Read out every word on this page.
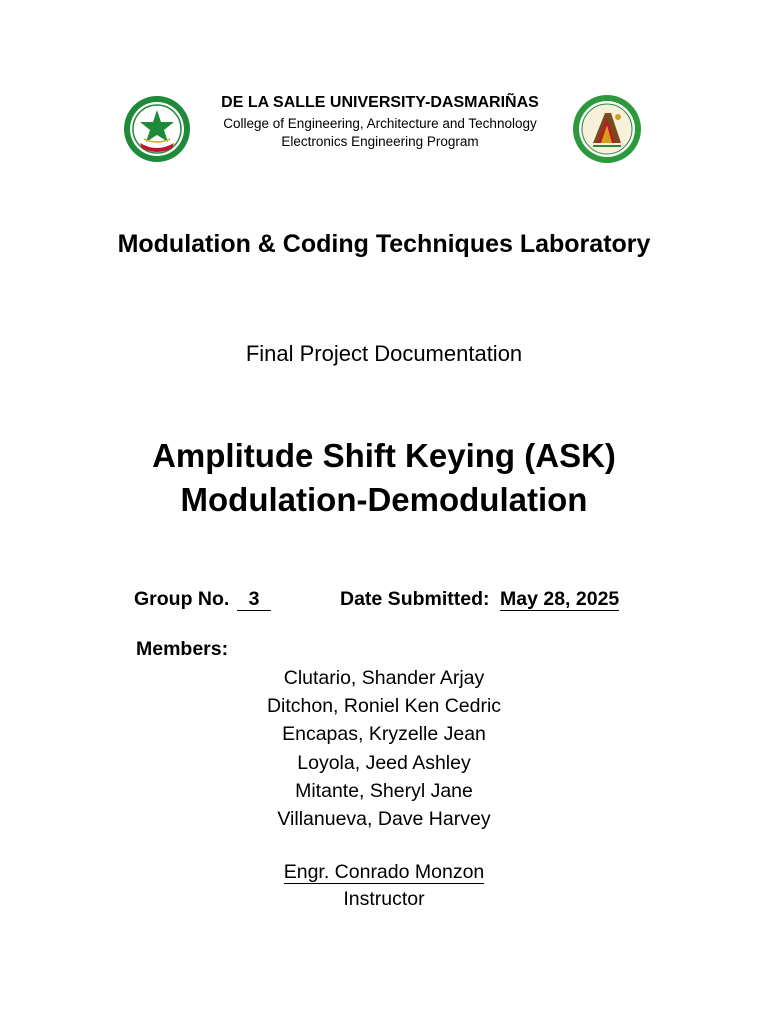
DE LA SALLE UNIVERSITY-DASMARIÑAS
College of Engineering, Architecture and Technology
Electronics Engineering Program
Modulation & Coding Techniques Laboratory
Final Project Documentation
Amplitude Shift Keying (ASK)
Modulation-Demodulation
Group No. 3	Date Submitted: May 28, 2025
Members:
Clutario, Shander Arjay
Ditchon, Roniel Ken Cedric
Encapas, Kryzelle Jean
Loyola, Jeed Ashley
Mitante, Sheryl Jane
Villanueva, Dave Harvey
Engr. Conrado Monzon
Instructor
